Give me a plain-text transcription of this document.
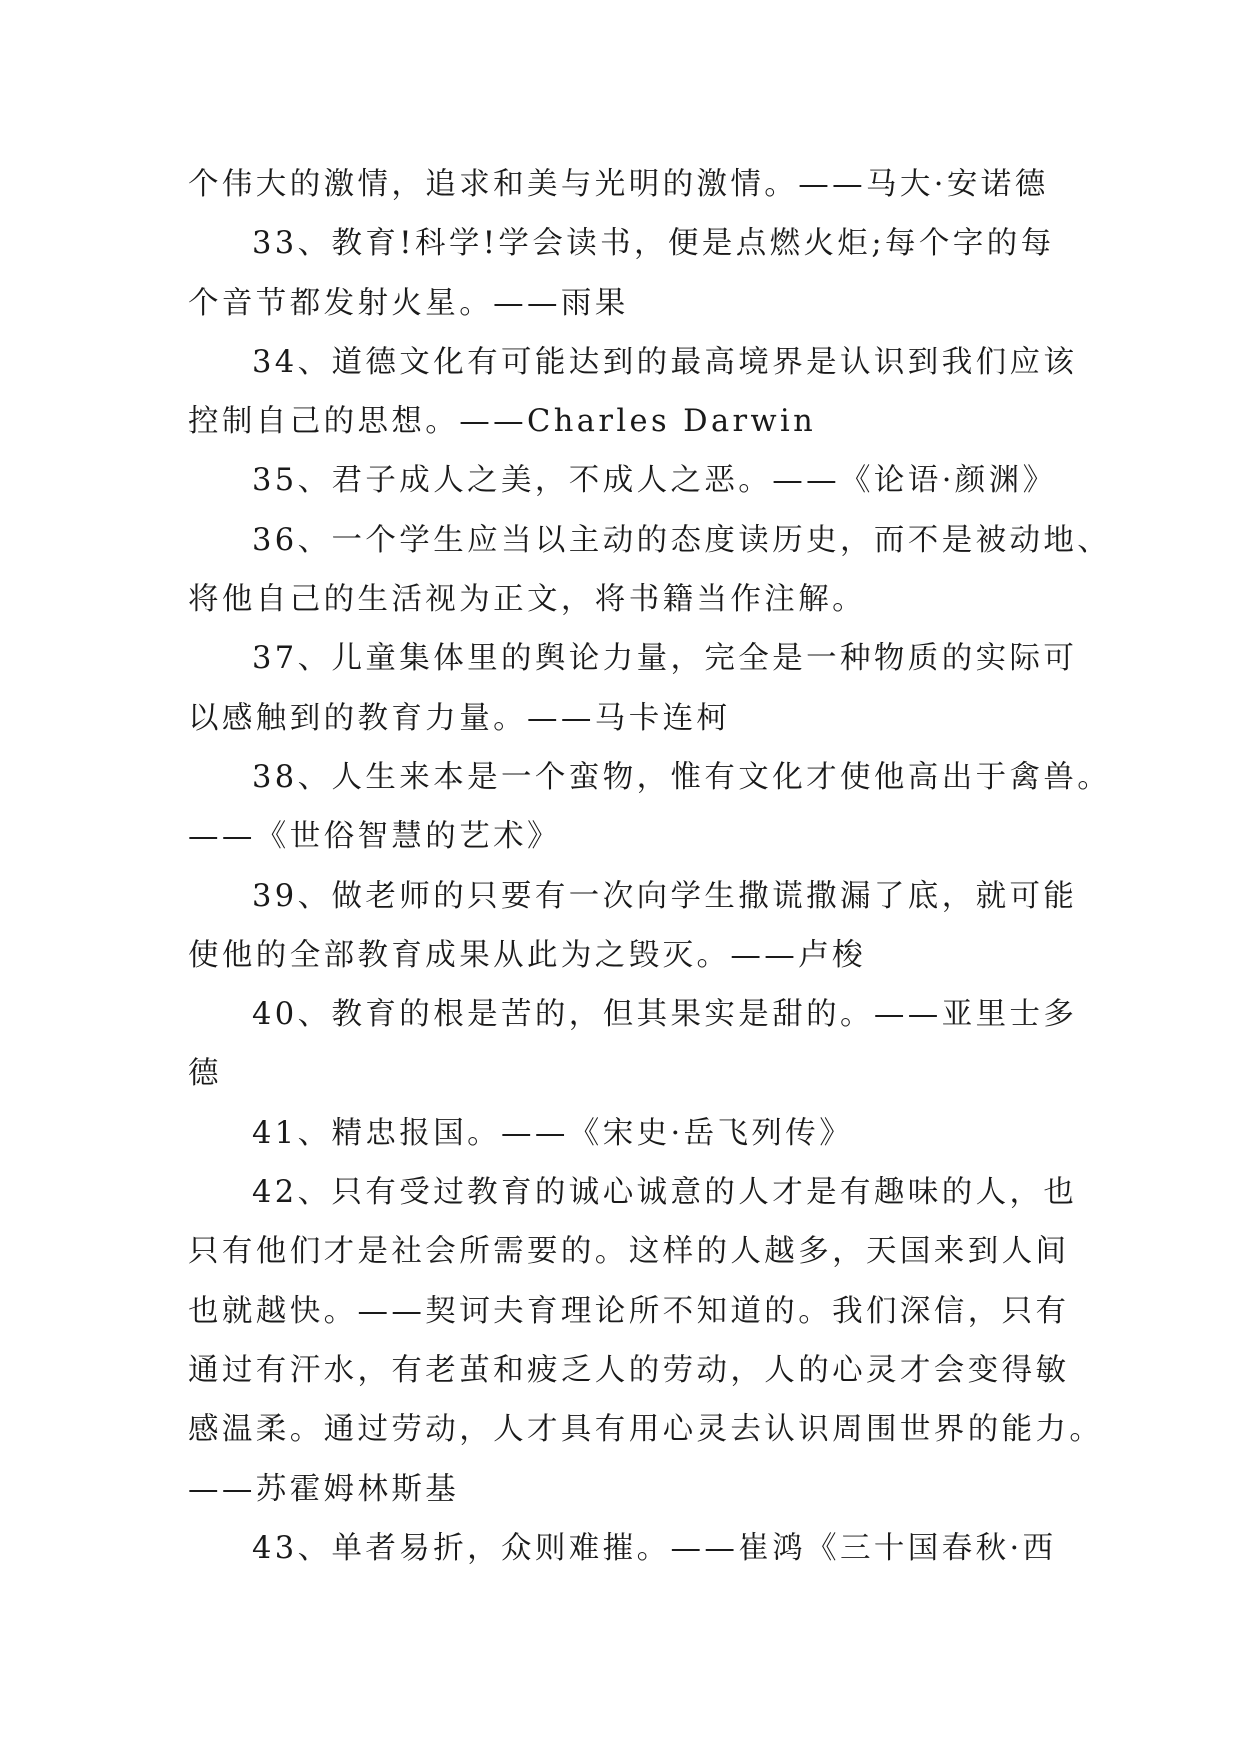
个伟大的激情，追求和美与光明的激情。——马大·安诺德
33、教育!科学!学会读书，便是点燃火炬;每个字的每
个音节都发射火星。——雨果
34、道德文化有可能达到的最高境界是认识到我们应该
控制自己的思想。——Charles Darwin
35、君子成人之美，不成人之恶。——《论语·颜渊》
36、一个学生应当以主动的态度读历史，而不是被动地、
将他自己的生活视为正文，将书籍当作注解。
37、儿童集体里的舆论力量，完全是一种物质的实际可
以感触到的教育力量。——马卡连柯
38、人生来本是一个蛮物，惟有文化才使他高出于禽兽。
——《世俗智慧的艺术》
39、做老师的只要有一次向学生撒谎撒漏了底，就可能
使他的全部教育成果从此为之毁灭。——卢梭
40、教育的根是苦的，但其果实是甜的。——亚里士多
德
41、精忠报国。——《宋史·岳飞列传》
42、只有受过教育的诚心诚意的人才是有趣味的人，也
只有他们才是社会所需要的。这样的人越多，天国来到人间
也就越快。——契诃夫育理论所不知道的。我们深信，只有
通过有汗水，有老茧和疲乏人的劳动，人的心灵才会变得敏
感温柔。通过劳动，人才具有用心灵去认识周围世界的能力。
——苏霍姆林斯基
43、单者易折，众则难摧。——崔鸿《三十国春秋·西
